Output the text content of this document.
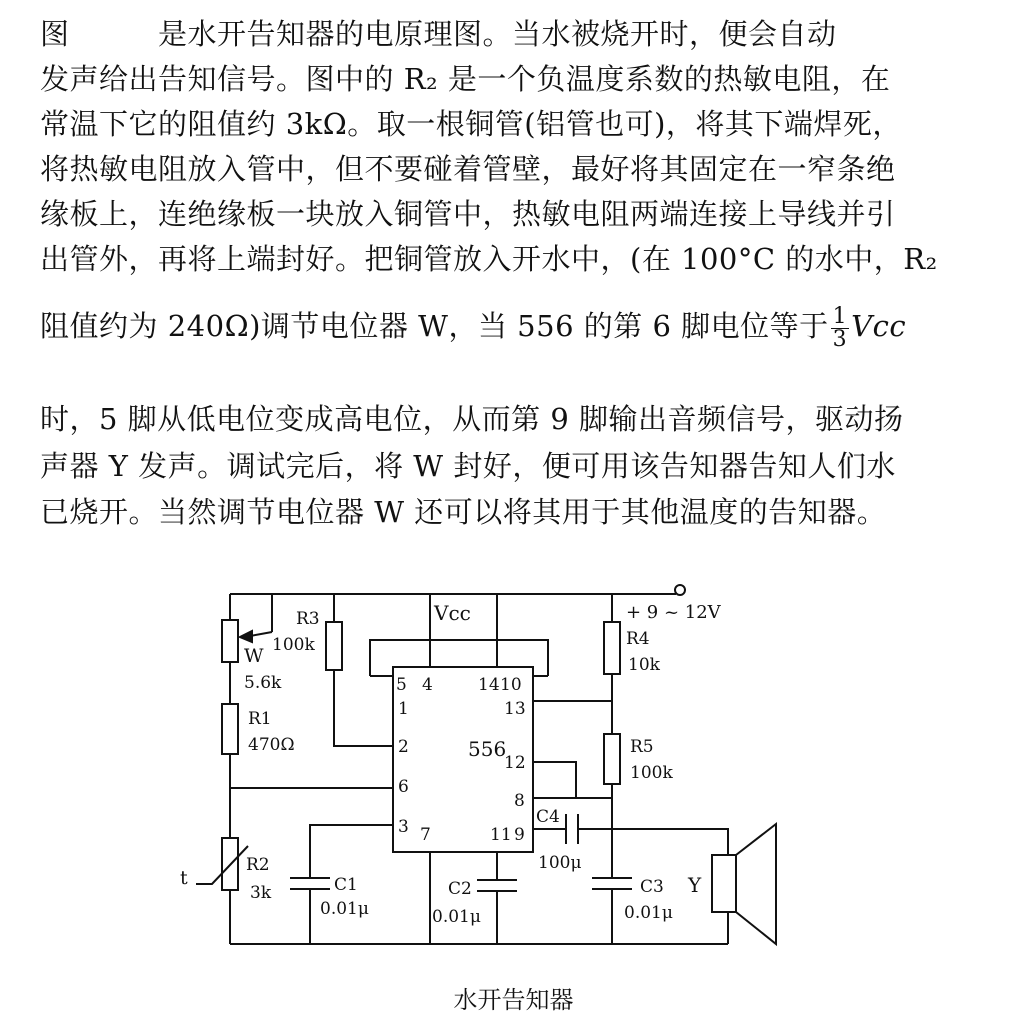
图　　　是水开告知器的电原理图。当水被烧开时，便会自动
发声给出告知信号。图中的 R₂ 是一个负温度系数的热敏电阻，在
常温下它的阻值约 3kΩ。取一根铜管(铝管也可)，将其下端焊死，
将热敏电阻放入管中，但不要碰着管壁，最好将其固定在一窄条绝
缘板上，连绝缘板一块放入铜管中，热敏电阻两端连接上导线并引
出管外，再将上端封好。把铜管放入开水中，(在 100°C 的水中，R₂
阻值约为 240Ω)调节电位器 W，当 556 的第 6 脚电位等于 $\frac{1}{3}$ Vcc
时，5 脚从低电位变成高电位，从而第 9 脚输出音频信号，驱动扬
声器 Y 发声。调试完后，将 W 封好，便可用该告知器告知人们水
已烧开。当然调节电位器 W 还可以将其用于其他温度的告知器。
556
Vcc	+ 9 ~ 12V
5 4	14 10
1	13
2
12
6
8
3 7	11 9
W
5.6k
R1
470Ω
R2
3k
t
R3
100k	R4
10k
R5
100k
C1
0.01μ
C2
0.01μ
C3
0.01μ
C4
100μ
Y
水开告知器
